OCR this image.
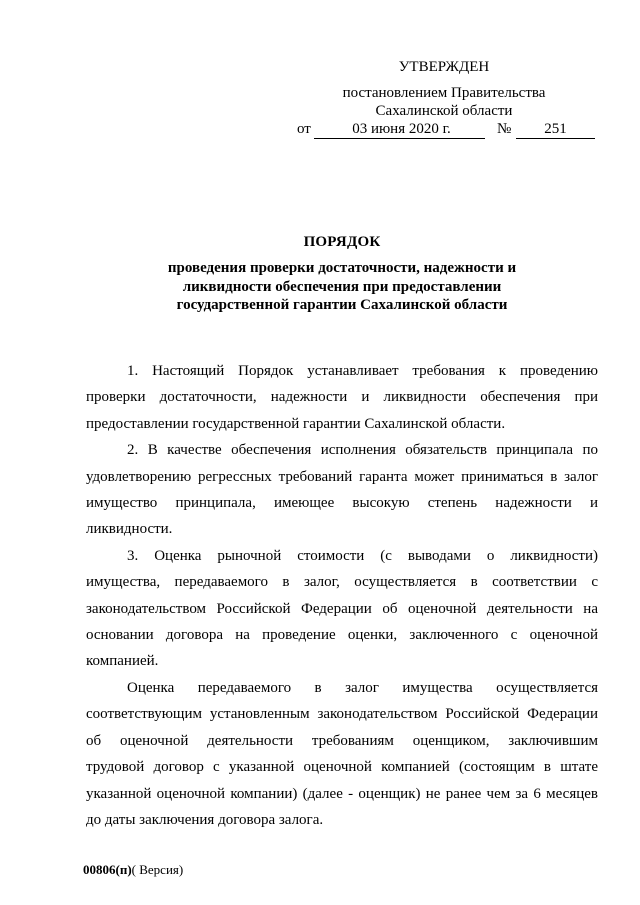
УТВЕРЖДЕН
постановлением Правительства
Сахалинской области
от	03 июня 2020 г.	№	251
ПОРЯДОК
проведения проверки достаточности, надежности и
ликвидности обеспечения при предоставлении
государственной гарантии Сахалинской области
1. Настоящий Порядок устанавливает требования к проведению
проверки достаточности, надежности и ликвидности обеспечения при
предоставлении государственной гарантии Сахалинской области.
2. В качестве обеспечения исполнения обязательств принципала по
удовлетворению регрессных требований гаранта может приниматься в залог
имущество принципала, имеющее высокую степень надежности и
ликвидности.
3. Оценка рыночной стоимости (с выводами о ликвидности)
имущества, передаваемого в залог, осуществляется в соответствии с
законодательством Российской Федерации об оценочной деятельности на
основании договора на проведение оценки, заключенного с оценочной
компанией.
Оценка передаваемого в залог имущества осуществляется
соответствующим установленным законодательством Российской Федерации
об оценочной деятельности требованиям оценщиком, заключившим
трудовой договор с указанной оценочной компанией (состоящим в штате
указанной оценочной компании) (далее - оценщик) не ранее чем за 6 месяцев
до даты заключения договора залога.
00806(п)( Версия)
